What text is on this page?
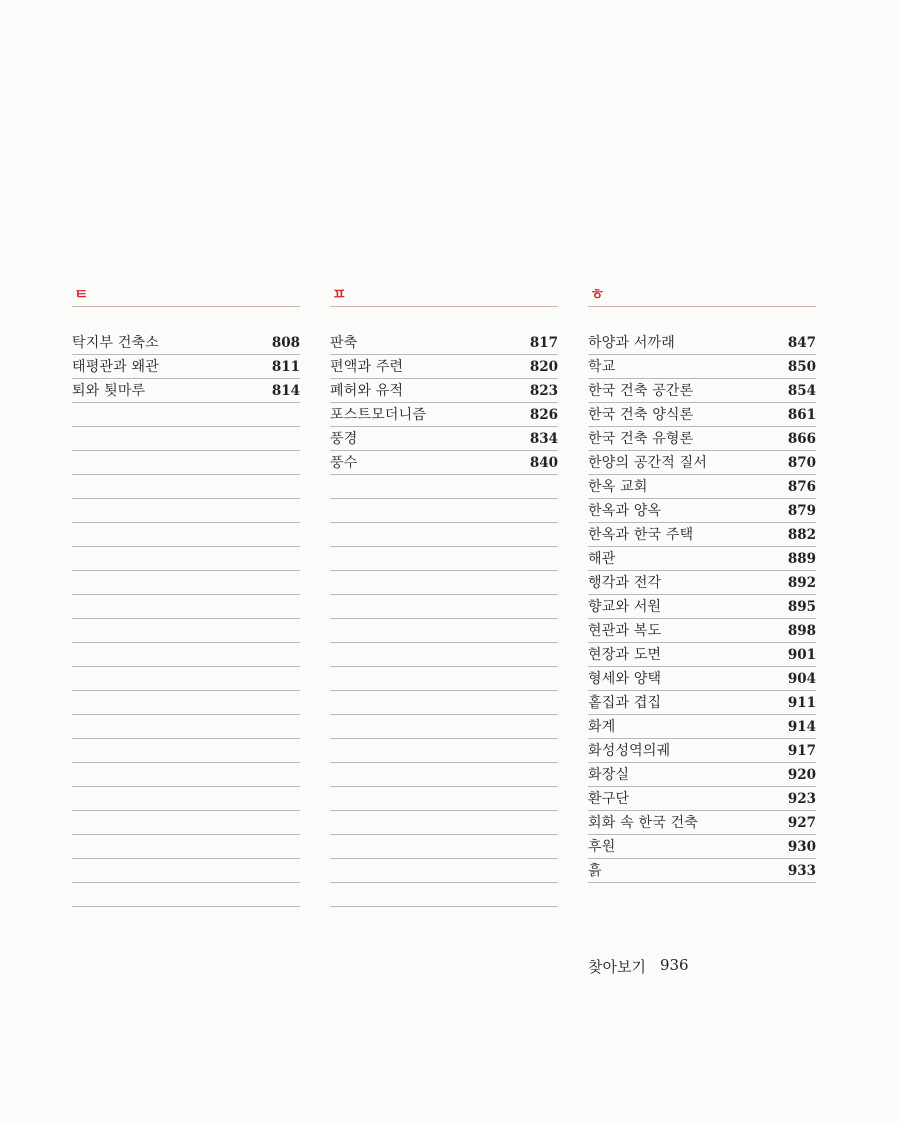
ㅌ
탁지부 건축소	808
태평관과 왜관	811
퇴와 툇마루	814
ㅍ
판축	817
편액과 주련	820
폐허와 유적	823
포스트모더니즘	826
풍경	834
풍수	840
ㅎ
하양과 서까래	847
학교	850
한국 건축 공간론	854
한국 건축 양식론	861
한국 건축 유형론	866
한양의 공간적 질서	870
한옥 교회	876
한옥과 양옥	879
한옥과 한국 주택	882
해관	889
행각과 전각	892
향교와 서원	895
현관과 복도	898
현장과 도면	901
형세와 양택	904
홑집과 겹집	911
화계	914
화성성역의궤	917
화장실	920
환구단	923
회화 속 한국 건축	927
후원	930
흙	933
찾아보기 936
